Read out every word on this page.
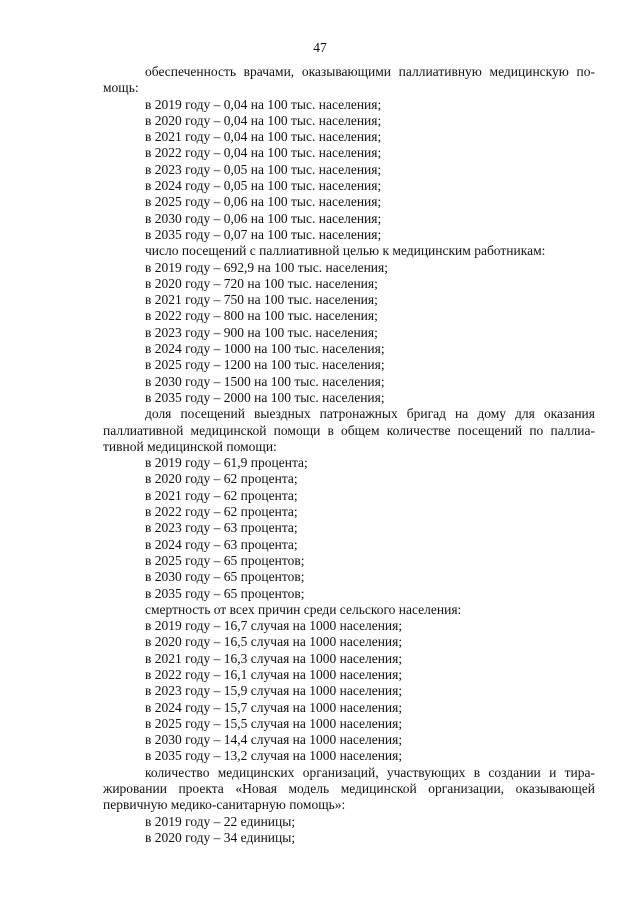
47
обеспеченность врачами, оказывающими паллиативную медицинскую по-
мощь:
в 2019 году – 0,04 на 100 тыс. населения;
в 2020 году – 0,04 на 100 тыс. населения;
в 2021 году – 0,04 на 100 тыс. населения;
в 2022 году – 0,04 на 100 тыс. населения;
в 2023 году – 0,05 на 100 тыс. населения;
в 2024 году – 0,05 на 100 тыс. населения;
в 2025 году – 0,06 на 100 тыс. населения;
в 2030 году – 0,06 на 100 тыс. населения;
в 2035 году – 0,07 на 100 тыс. населения;
число посещений с паллиативной целью к медицинским работникам:
в 2019 году – 692,9 на 100 тыс. населения;
в 2020 году – 720 на 100 тыс. населения;
в 2021 году – 750 на 100 тыс. населения;
в 2022 году – 800 на 100 тыс. населения;
в 2023 году – 900 на 100 тыс. населения;
в 2024 году – 1000 на 100 тыс. населения;
в 2025 году – 1200 на 100 тыс. населения;
в 2030 году – 1500 на 100 тыс. населения;
в 2035 году – 2000 на 100 тыс. населения;
доля посещений выездных патронажных бригад на дому для оказания
паллиативной медицинской помощи в общем количестве посещений по паллиа-
тивной медицинской помощи:
в 2019 году – 61,9 процента;
в 2020 году – 62 процента;
в 2021 году – 62 процента;
в 2022 году – 62 процента;
в 2023 году – 63 процента;
в 2024 году – 63 процента;
в 2025 году – 65 процентов;
в 2030 году – 65 процентов;
в 2035 году – 65 процентов;
смертность от всех причин среди сельского населения:
в 2019 году – 16,7 случая на 1000 населения;
в 2020 году – 16,5 случая на 1000 населения;
в 2021 году – 16,3 случая на 1000 населения;
в 2022 году – 16,1 случая на 1000 населения;
в 2023 году – 15,9 случая на 1000 населения;
в 2024 году – 15,7 случая на 1000 населения;
в 2025 году – 15,5 случая на 1000 населения;
в 2030 году – 14,4 случая на 1000 населения;
в 2035 году – 13,2 случая на 1000 населения;
количество медицинских организаций, участвующих в создании и тира-
жировании проекта «Новая модель медицинской организации, оказывающей
первичную медико-санитарную помощь»:
в 2019 году – 22 единицы;
в 2020 году – 34 единицы;
